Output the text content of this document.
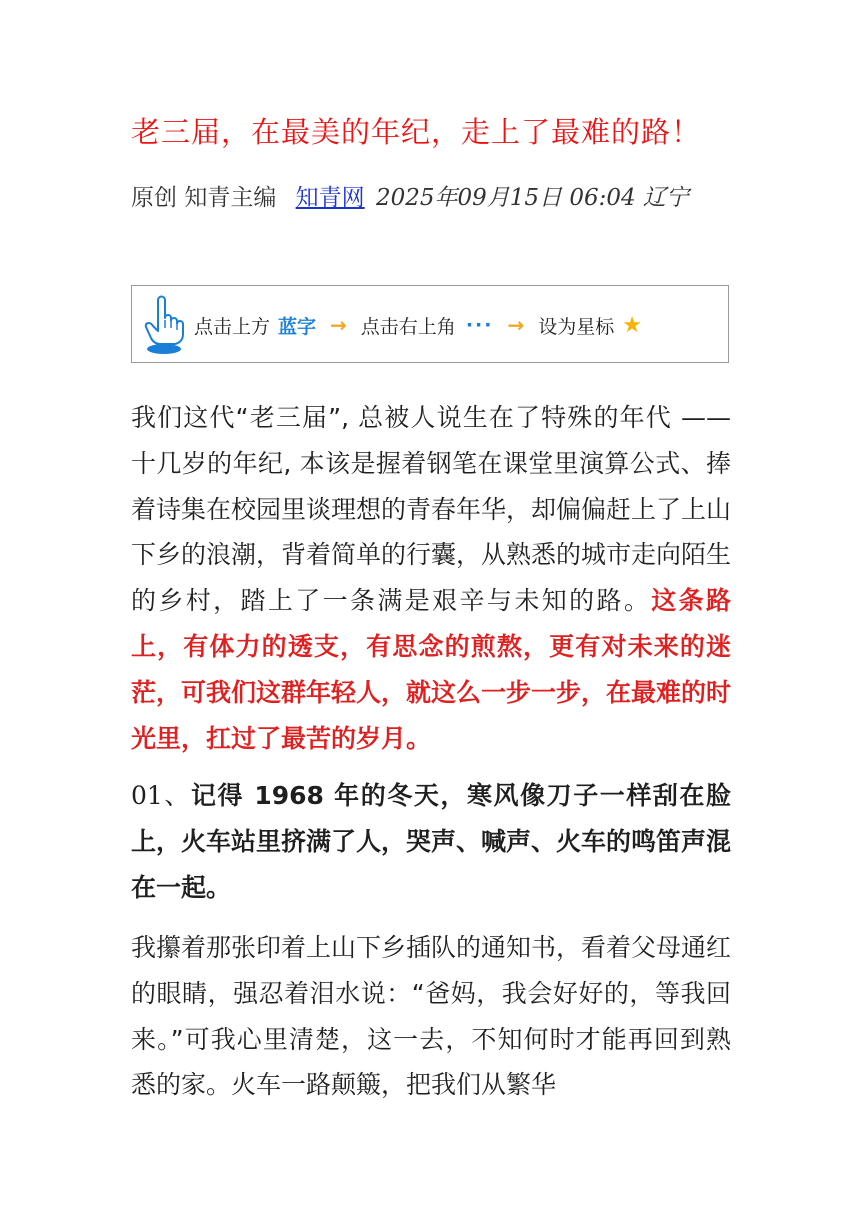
老三届，在最美的年纪，走上了最难的路！
原创 知青主编 知青网 2025年09月15日 06:04 辽宁
点击上方 蓝字 → 点击右上角 ··· → 设为星标 ★
我们这代“老三届”, 总被人说生在了特殊的年代 —— 十几岁的年纪, 本该是握着钢笔在课堂里演算公式、捧着诗集在校园里谈理想的青春年华，却偏偏赶上了上山下乡的浪潮，背着简单的行囊，从熟悉的城市走向陌生的乡村，踏上了一条满是艰辛与未知的路。这条路上，有体力的透支，有思念的煎熬，更有对未来的迷茫，可我们这群年轻人，就这么一步一步，在最难的时光里，扛过了最苦的岁月。
01、记得 1968 年的冬天，寒风像刀子一样刮在脸上，火车站里挤满了人，哭声、喊声、火车的鸣笛声混在一起。
我攥着那张印着上山下乡插队的通知书，看着父母通红的眼睛，强忍着泪水说：“爸妈，我会好好的，等我回来。”可我心里清楚，这一去，不知何时才能再回到熟悉的家。火车一路颠簸，把我们从繁华
